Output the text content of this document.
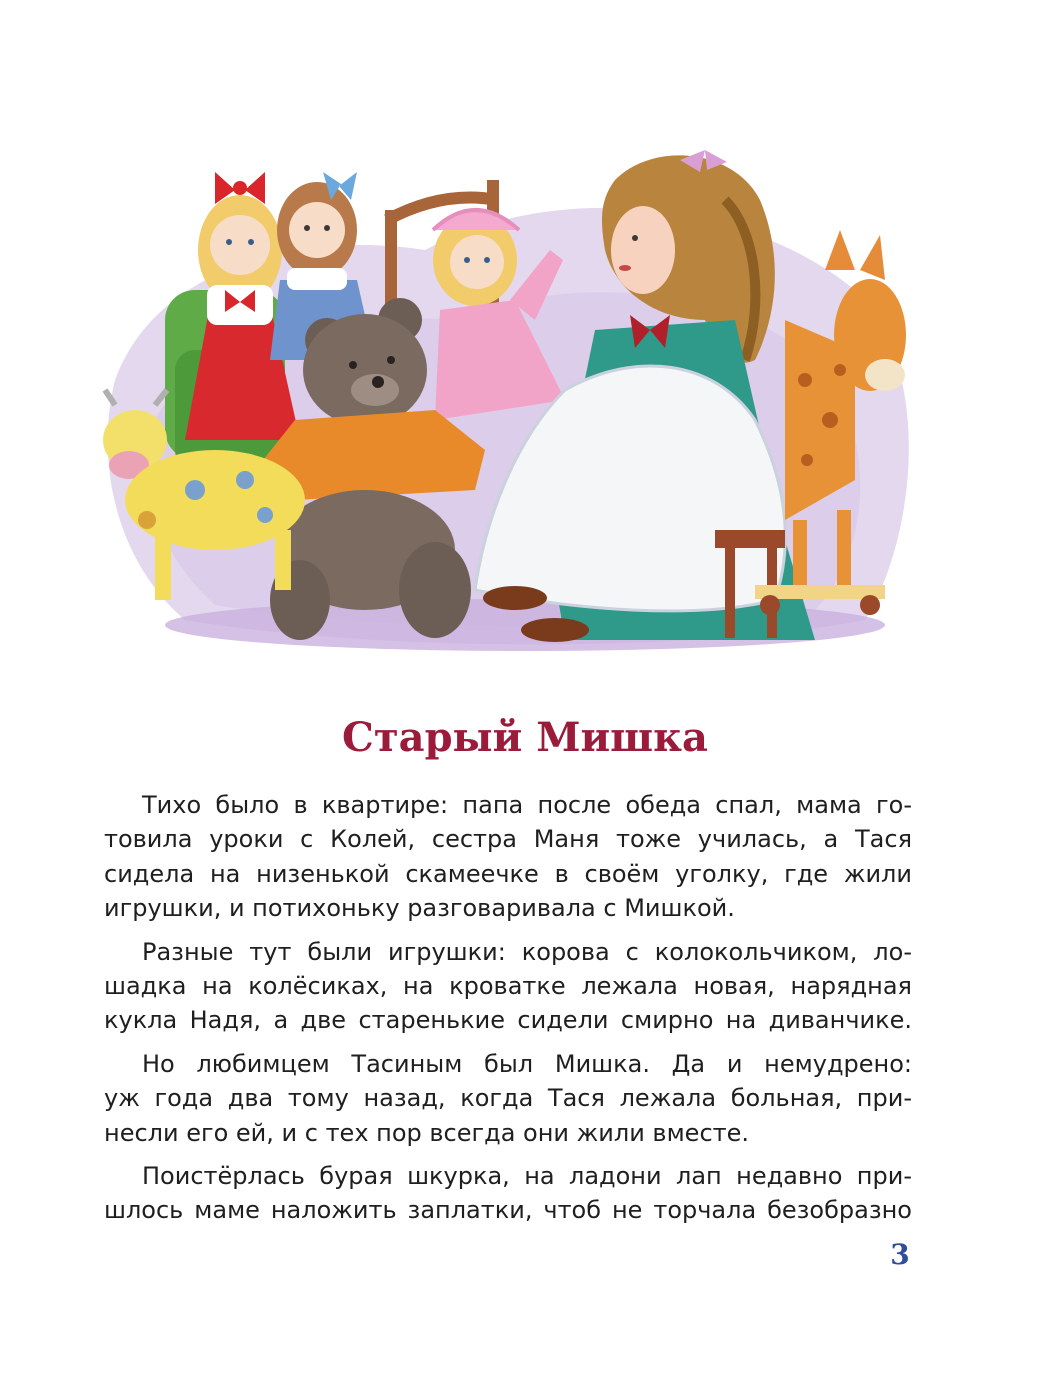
Старый Мишка
Тихо было в квартире: папа после обеда спал, мама го-
товила уроки с Колей, сестра Маня тоже училась, а Тася
сидела на низенькой скамеечке в своём уголку, где жили
игрушки, и потихоньку разговаривала с Мишкой.
Разные тут были игрушки: корова с колокольчиком, ло-
шадка на колёсиках, на кроватке лежала новая, нарядная
кукла Надя, а две старенькие сидели смирно на диванчике.
Но любимцем Тасиным был Мишка. Да и немудрено:
уж года два тому назад, когда Тася лежала больная, при-
несли его ей, и с тех пор всегда они жили вместе.
Поистёрлась бурая шкурка, на ладони лап недавно при-
шлось маме наложить заплатки, чтоб не торчала безобразно
3
